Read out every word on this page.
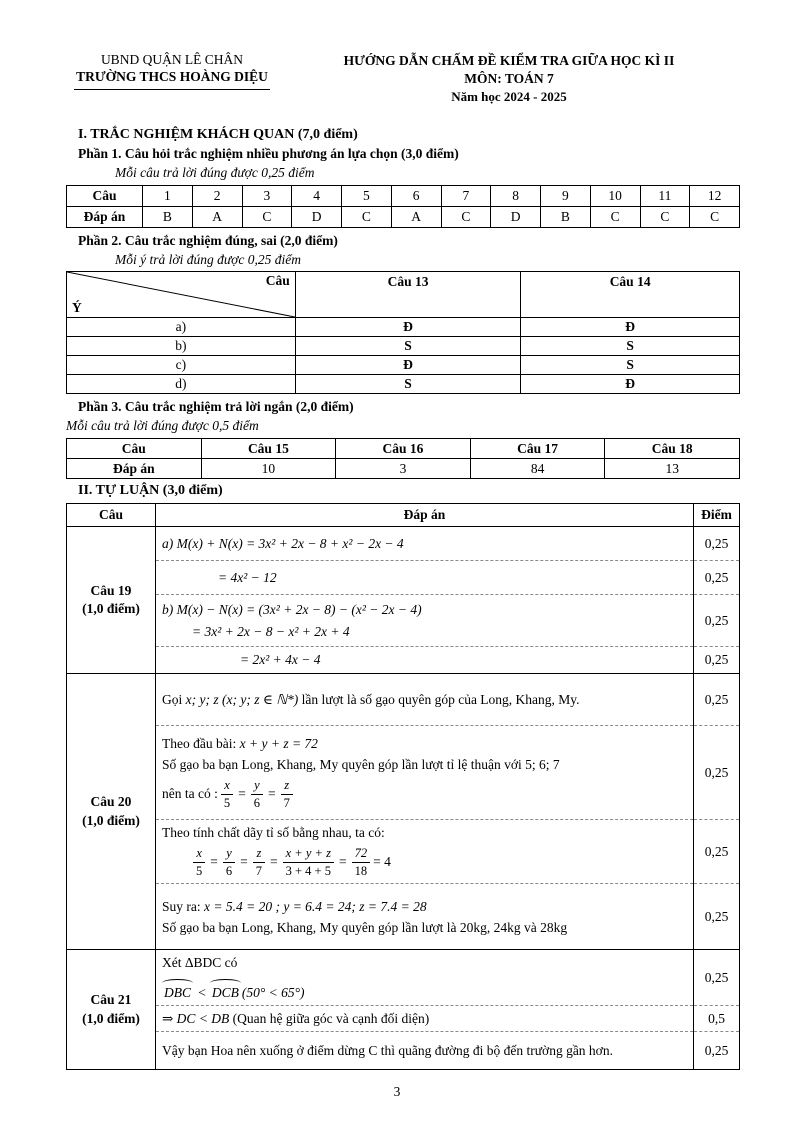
UBND QUẬN LÊ CHÂN
TRƯỜNG THCS HOÀNG DIỆU
HƯỚNG DẪN CHẤM ĐỀ KIỂM TRA GIỮA HỌC KÌ II
MÔN: TOÁN 7
Năm học 2024 - 2025
I. TRẮC NGHIỆM KHÁCH QUAN (7,0 điểm)
Phần 1. Câu hỏi trắc nghiệm nhiều phương án lựa chọn (3,0 điểm)
Mỗi câu trả lời đúng được 0,25 điểm
Câu	1	2	3	4	5	6	7	8	9	10	11	12
Đáp án	B	A	C	D	C	A	C	D	B	C	C	C
Phần 2. Câu trắc nghiệm đúng, sai (2,0 điểm)
Mỗi ý trả lời đúng được 0,25 điểm
Câu
Ý	Câu 13	Câu 14
a)	Đ	Đ
b)	S	S
c)	Đ	S
d)	S	Đ
Phần 3. Câu trắc nghiệm trả lời ngắn (2,0 điểm)
Mỗi câu trả lời đúng được 0,5 điểm
Câu	Câu 15	Câu 16	Câu 17	Câu 18
Đáp án	10	3	84	13
II. TỰ LUẬN (3,0 điểm)
Câu	Đáp án	Điểm

Câu 19
(1,0 điểm)	a) M(x) + N(x) = 3x² + 2x − 8 + x² − 2x − 4	0,25

	= 4x² − 12	0,25

	b) M(x) − N(x) = (3x² + 2x − 8) − (x² − 2x − 4)
= 3x² + 2x − 8 − x² + 2x + 4	0,25

	= 2x² + 4x − 4	0,25

Câu 20
(1,0 điểm)	Gọi x; y; z (x; y; z ∈ ℕ*) lần lượt là số gạo quyên góp của Long, Khang, My.	0,25

Theo đầu bài: x + y + z = 72
Số gạo ba bạn Long, Khang, My quyên góp lần lượt tỉ lệ thuận với 5; 6; 7
nên ta có : $\frac{x}{5} = \frac{y}{6} = \frac{z}{7}$
	0,25

Theo tính chất dãy tỉ số bằng nhau, ta có:
$\frac{x}{5} = \frac{y}{6} = \frac{z}{7} = \frac{x + y + z}{3 + 4 + 5} = \frac{72}{18} = 4$
	0,25

	Suy ra: x = 5.4 = 20 ; y = 6.4 = 24; z = 7.4 = 28
Số gạo ba bạn Long, Khang, My quyên góp lần lượt là 20kg, 24kg và 28kg	0,25

Câu 21
(1,0 điểm)

Xét ΔBDC có
DBC < DCB (50° < 65°)
	0,25

	⇒ DC < DB (Quan hệ giữa góc và cạnh đối diện)	0,5

	Vậy bạn Hoa nên xuống ở điểm dừng C thì quãng đường đi bộ đến trường gần hơn.	0,25
3
